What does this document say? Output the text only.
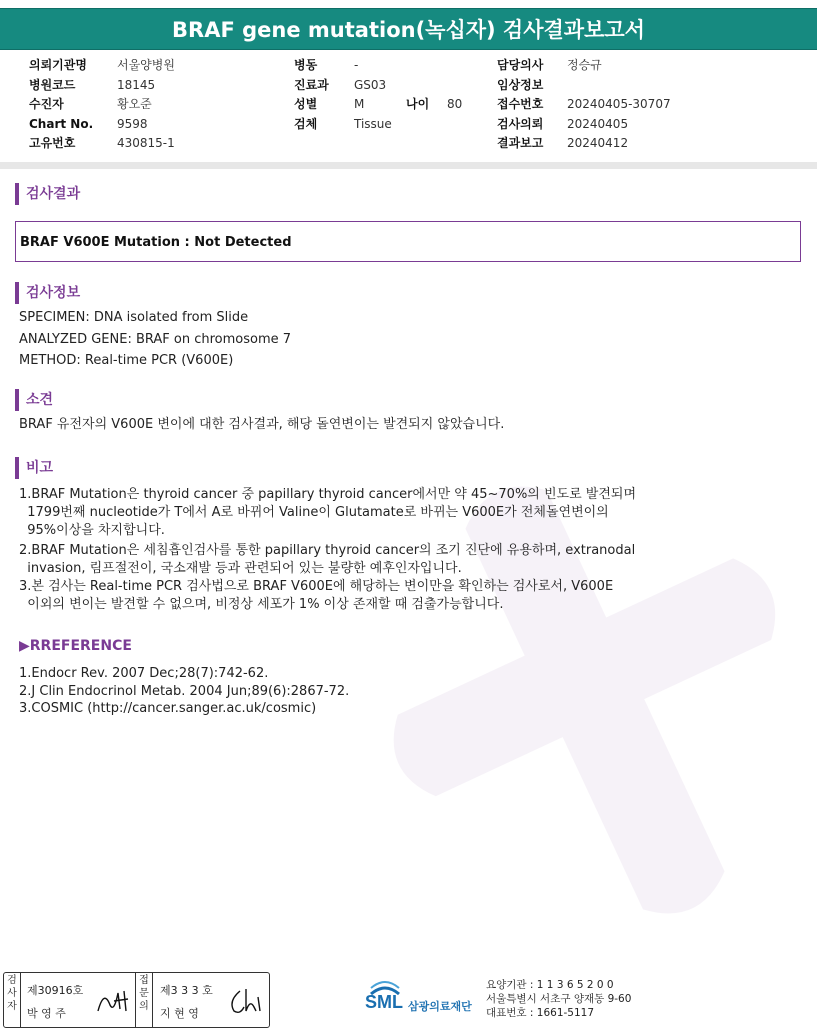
BRAF gene mutation(녹십자) 검사결과보고서
의뢰기관명	서울양병원
병원코드	18145
수진자	황오준
Chart No. 9598
고유번호	430815-1
병동	-
진료과 GS03
성별	M	나이 80
검체	Tissue
담당의사 정승규
임상정보
접수번호 20240405-30707
검사의뢰 20240405
결과보고 20240412
검사결과
BRAF V600E Mutation : Not Detected
검사정보
SPECIMEN: DNA isolated from Slide
ANALYZED GENE: BRAF on chromosome 7
METHOD: Real-time PCR (V600E)
소견
BRAF 유전자의 V600E 변이에 대한 검사결과, 해당 돌연변이는 발견되지 않았습니다.
비고
1.BRAF Mutation은 thyroid cancer 중 papillary thyroid cancer에서만 약 45~70%의 빈도로 발견되며
1799번째 nucleotide가 T에서 A로 바뀌어 Valine이 Glutamate로 바뀌는 V600E가 전체돌연변이의
95%이상을 차지합니다.
2.BRAF Mutation은 세침흡인검사를 통한 papillary thyroid cancer의 조기 진단에 유용하며, extranodal
invasion, 림프절전이, 국소재발 등과 관련되어 있는 불량한 예후인자입니다.
3.본 검사는 Real-time PCR 검사법으로 BRAF V600E에 해당하는 변이만을 확인하는 검사로서, V600E
이외의 변이는 발견할 수 없으며, 비정상 세포가 1% 이상 존재할 때 검출가능합니다.
▶RREFERENCE
1.Endocr Rev. 2007 Dec;28(7):742-62.
2.J Clin Endocrinol Metab. 2004 Jun;89(6):2867-72.
3.COSMIC (http://cancer.sanger.ac.uk/cosmic)
검
사
자
제30916호
박 영 주
접
문
의
제3 3 3 호
지 현 영
SML 삼광의료재단
요양기관 : 1 1 3 6 5 2 0 0
서울특별시 서초구 양재동 9-60
대표번호 : 1661-5117
